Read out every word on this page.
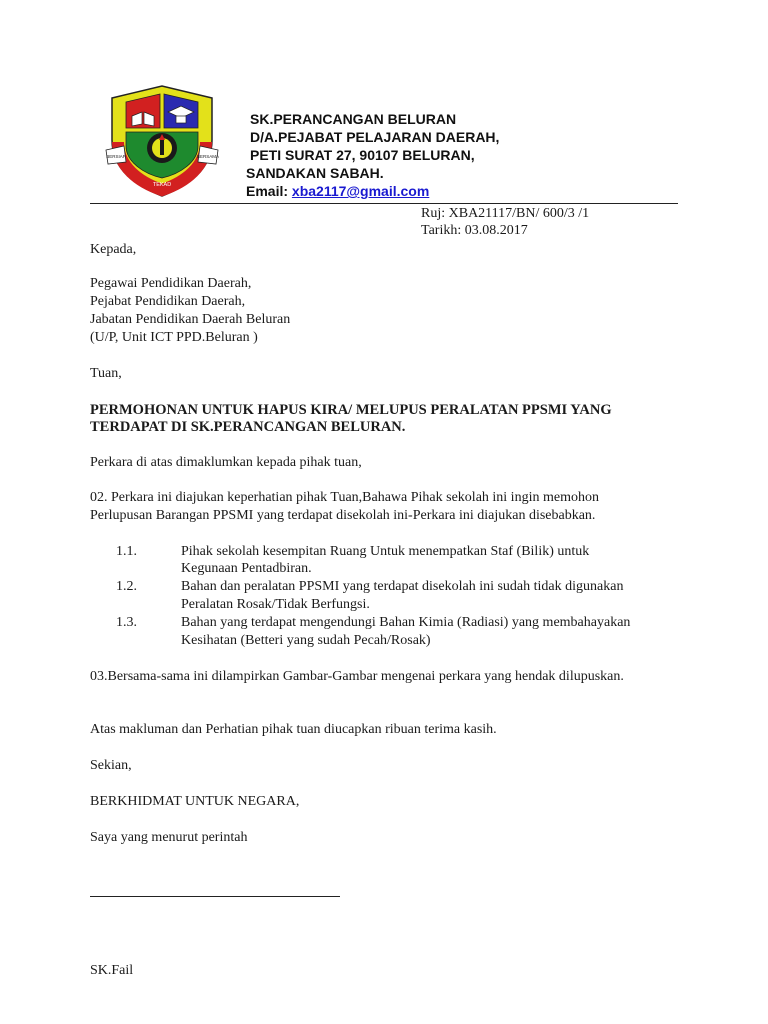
BERSIAP	BERSAMA
TEKAD
SK.PERANCANGAN BELURAN
D/A.PEJABAT PELAJARAN DAERAH,
PETI SURAT 27, 90107 BELURAN,
SANDAKAN SABAH.
Email: xba2117@gmail.com
Ruj: XBA21117/BN/ 600/3 /1
Tarikh: 03.08.2017
Kepada,
Pegawai Pendidikan Daerah,
Pejabat Pendidikan Daerah,
Jabatan Pendidikan Daerah Beluran
(U/P, Unit ICT PPD.Beluran )
Tuan,
PERMOHONAN UNTUK HAPUS KIRA/ MELUPUS PERALATAN PPSMI YANG
TERDAPAT DI SK.PERANCANGAN BELURAN.
Perkara di atas dimaklumkan kepada pihak tuan,
02. Perkara ini diajukan keperhatian pihak Tuan,Bahawa Pihak sekolah ini ingin memohon
Perlupusan Barangan PPSMI yang terdapat disekolah ini-Perkara ini diajukan disebabkan.
1.1.	Pihak sekolah kesempitan Ruang Untuk menempatkan Staf (Bilik) untuk
Kegunaan Pentadbiran.
1.2.	Bahan dan peralatan PPSMI yang terdapat disekolah ini sudah tidak digunakan
Peralatan Rosak/Tidak Berfungsi.
1.3.	Bahan yang terdapat mengendungi Bahan Kimia (Radiasi) yang membahayakan
Kesihatan (Betteri yang sudah Pecah/Rosak)
03.Bersama-sama ini dilampirkan Gambar-Gambar mengenai perkara yang hendak dilupuskan.
Atas makluman dan Perhatian pihak tuan diucapkan ribuan terima kasih.
Sekian,
BERKHIDMAT UNTUK NEGARA,
Saya yang menurut perintah
SK.Fail
